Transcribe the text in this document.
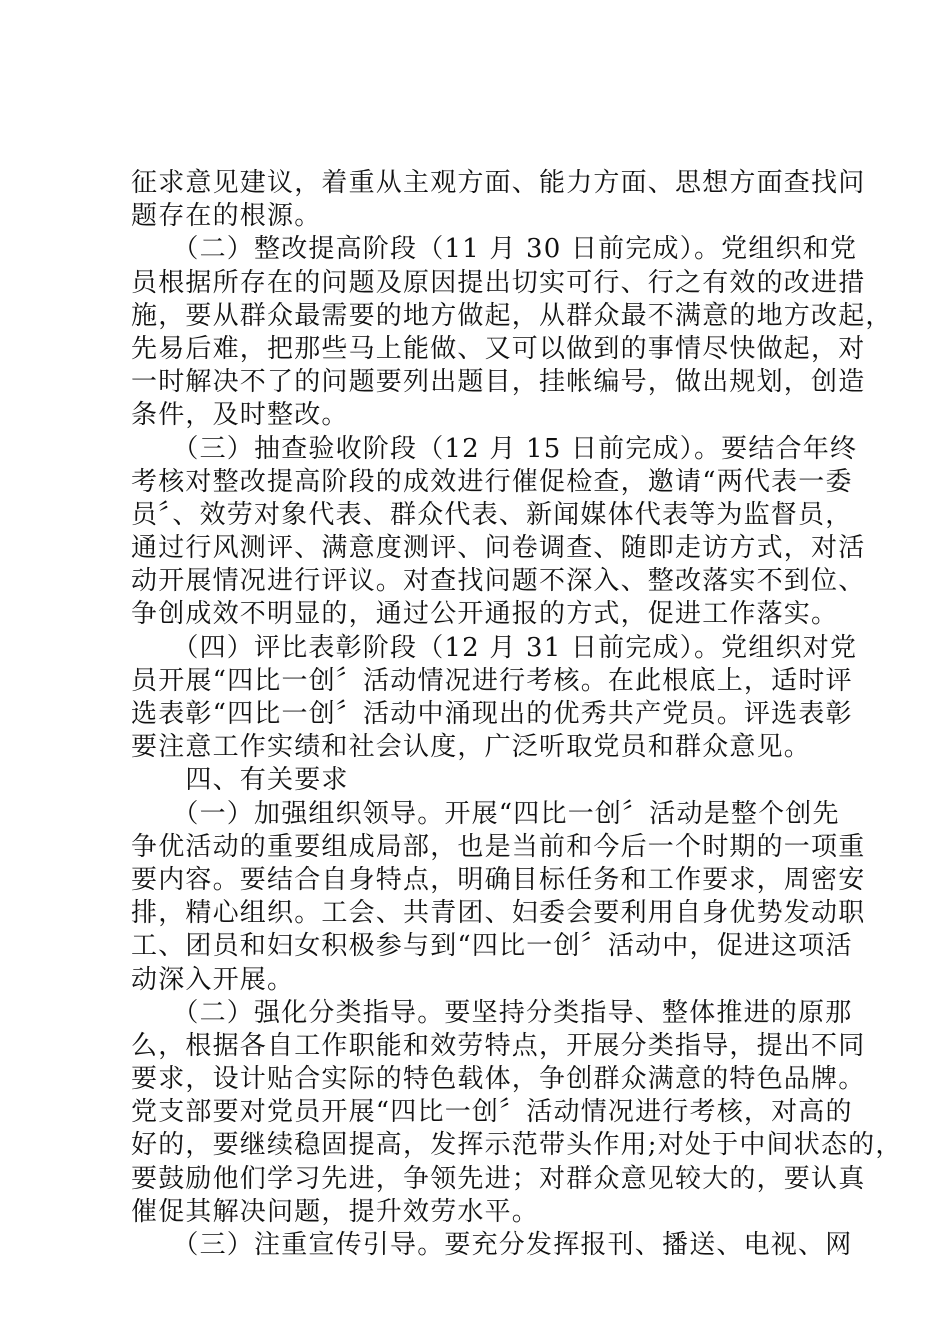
征求意见建议，着重从主观方面、能力方面、思想方面查找问
题存在的根源。
　　（二）整改提高阶段（11 月 30 日前完成）。党组织和党
员根据所存在的问题及原因提出切实可行、行之有效的改进措
施，要从群众最需要的地方做起，从群众最不满意的地方改起，
先易后难，把那些马上能做、又可以做到的事情尽快做起，对
一时解决不了的问题要列出题目，挂帐编号，做出规划，创造
条件，及时整改。
　　（三）抽查验收阶段（12 月 15 日前完成）。要结合年终
考核对整改提高阶段的成效进行催促检查，邀请“两代表一委
员〞、效劳对象代表、群众代表、新闻媒体代表等为监督员，
通过行风测评、满意度测评、问卷调查、随即走访方式，对活
动开展情况进行评议。对查找问题不深入、整改落实不到位、
争创成效不明显的，通过公开通报的方式，促进工作落实。
　　（四）评比表彰阶段（12 月 31 日前完成）。党组织对党
员开展“四比一创〞活动情况进行考核。在此根底上，适时评
选表彰“四比一创〞活动中涌现出的优秀共产党员。评选表彰
要注意工作实绩和社会认度，广泛听取党员和群众意见。
　　四、有关要求
　　（一）加强组织领导。开展“四比一创〞活动是整个创先
争优活动的重要组成局部，也是当前和今后一个时期的一项重
要内容。要结合自身特点，明确目标任务和工作要求，周密安
排，精心组织。工会、共青团、妇委会要利用自身优势发动职
工、团员和妇女积极参与到“四比一创〞活动中，促进这项活
动深入开展。
　　（二）强化分类指导。要坚持分类指导、整体推进的原那
么，根据各自工作职能和效劳特点，开展分类指导，提出不同
要求，设计贴合实际的特色载体，争创群众满意的特色品牌。
党支部要对党员开展“四比一创〞活动情况进行考核，对高的
好的，要继续稳固提高，发挥示范带头作用;对处于中间状态的，
要鼓励他们学习先进，争领先进；对群众意见较大的，要认真
催促其解决问题，提升效劳水平。
　　（三）注重宣传引导。要充分发挥报刊、播送、电视、网
